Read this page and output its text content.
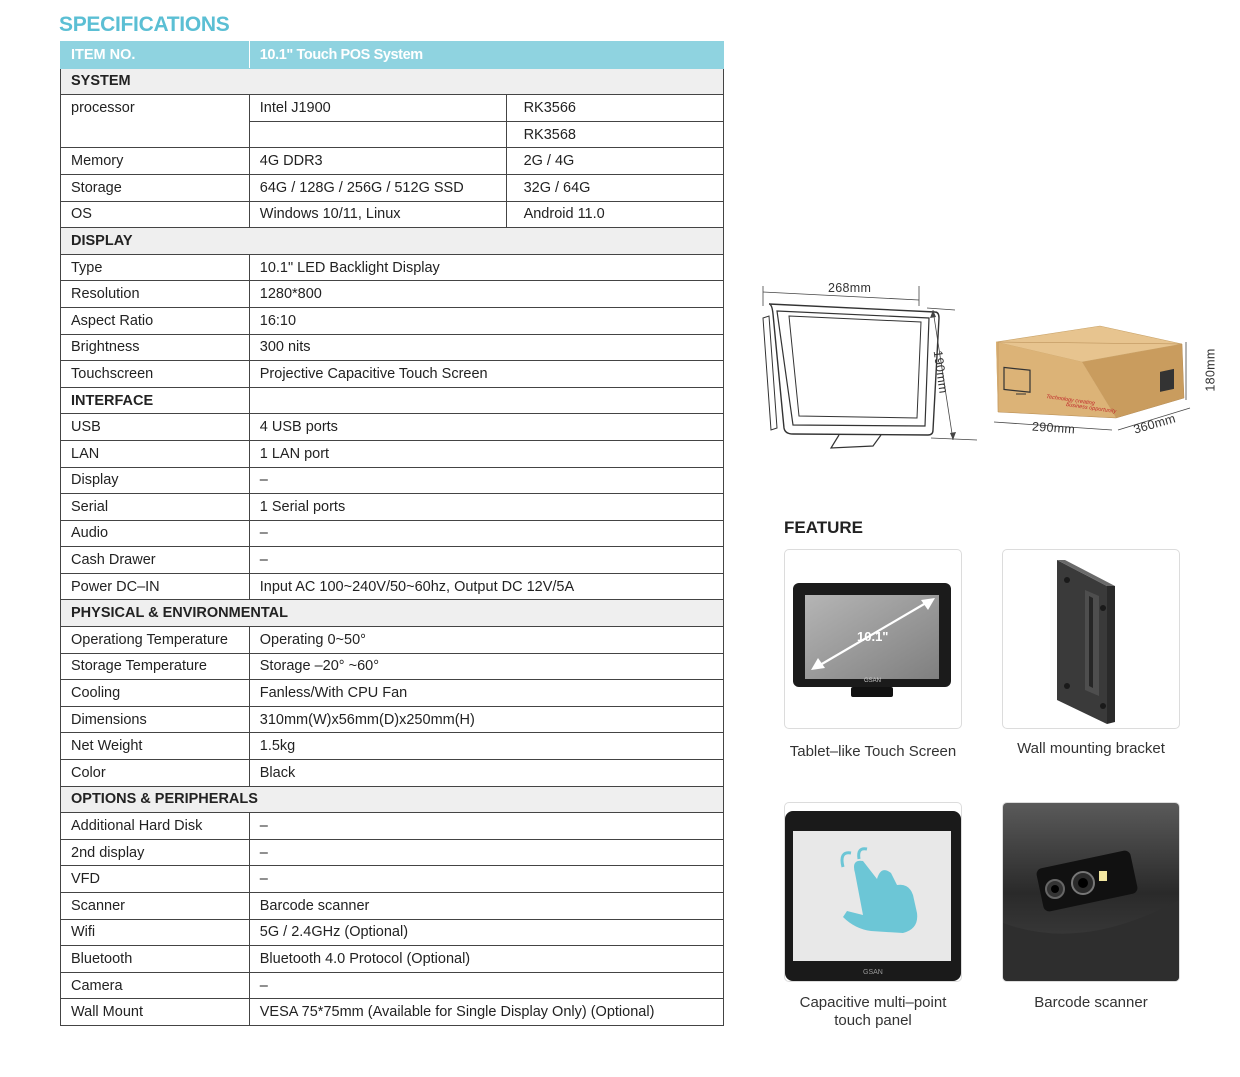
SPECIFICATIONS
ITEM NO.	10.1" Touch POS System	
SYSTEM		
processor	Intel J1900	RK3566
		RK3568
Memory	4G DDR3	2G / 4G
Storage	64G / 128G / 256G / 512G SSD	32G / 64G
OS	Windows 10/11, Linux	Android 11.0
DISPLAY		
Type	10.1" LED Backlight Display	
Resolution	1280*800	
Aspect Ratio	16:10	
Brightness	300 nits	
Touchscreen	Projective Capacitive Touch Screen	
INTERFACE		
USB	4 USB ports	
LAN	1 LAN port	
Display	–	
Serial	1 Serial ports	
Audio	–	
Cash Drawer	–	
Power DC–IN	Input AC 100~240V/50~60hz, Output DC 12V/5A	
PHYSICAL & ENVIRONMENTAL		
Operationg Temperature	Operating 0~50°	
Storage Temperature	Storage –20° ~60°	
Cooling	Fanless/With CPU Fan	
Dimensions	310mm(W)x56mm(D)x250mm(H)	
Net Weight	1.5kg	
Color	Black	
OPTIONS & PERIPHERALS		
Additional Hard Disk	–	
2nd display	–	
VFD	–	
Scanner	Barcode scanner	
Wifi	5G / 2.4GHz (Optional)	
Bluetooth	Bluetooth 4.0 Protocol (Optional)	
Camera	–	
Wall Mount	VESA 75*75mm (Available for Single Display Only) (Optional)	
268mm
190mm
Technology creating
business opportunity
180mm
290mm	360mm
FEATURE
10.1"
GSAN
Tablet–like Touch Screen	Wall mounting bracket
GSAN
Capacitive multi–point
touch panel
Barcode scanner
